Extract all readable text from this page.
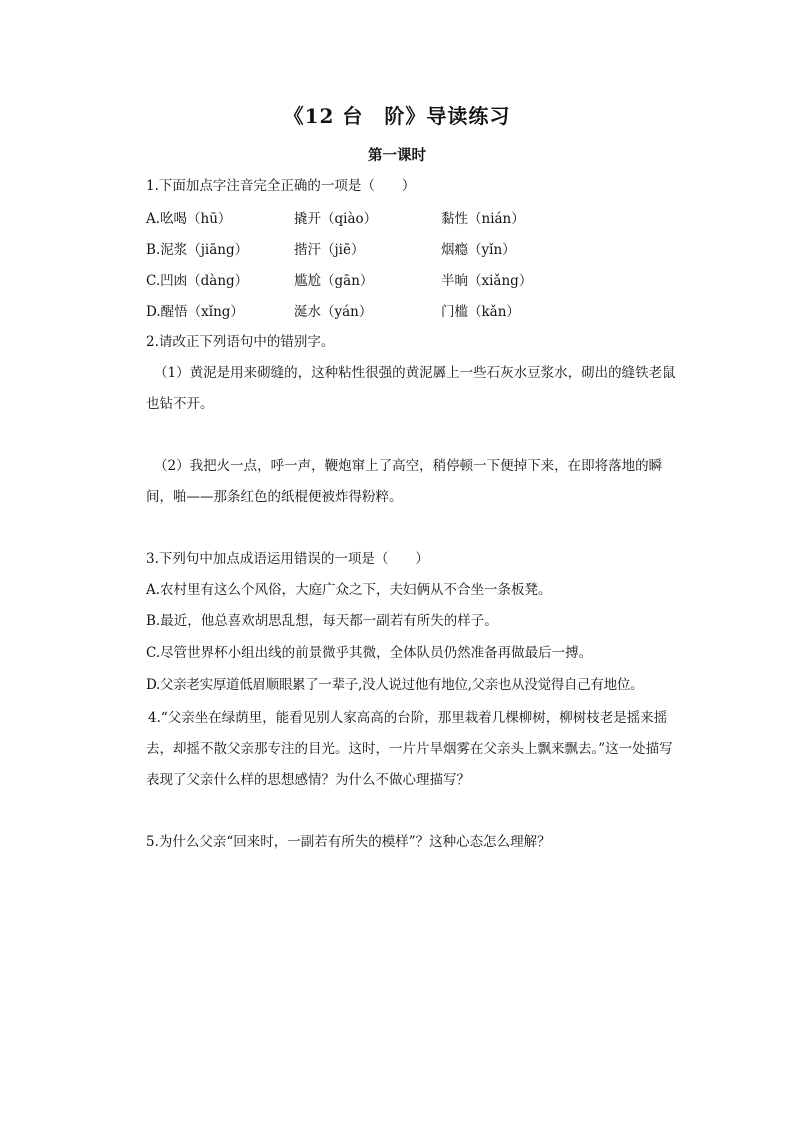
《12 台　阶》导读练习
第一课时
1.下面加点字注音完全正确的一项是（　　）
A.吆喝（hū）	撬开（qiào）	黏性（nián）
B.泥浆（jiāng）	揩汗（jiē）	烟瘾（yǐn）
C.凹凼（dàng）	尴尬（gān）	半晌（xiǎng）
D.醒悟（xǐng）	涎水（yán）	门槛（kǎn）
2.请改正下列语句中的错别字。
（1）黄泥是用来砌缝的，这种粘性很强的黄泥羼上一些石灰水豆浆水，砌出的缝铁老鼠也钻不开。
（2）我把火一点，呼一声，鞭炮窜上了高空，稍停顿一下便掉下来，在即将落地的瞬间，啪——那条红色的纸棍便被炸得粉粹。
3.下列句中加点成语运用错误的一项是（　　）
A.农村里有这么个风俗，大庭广众之下，夫妇俩从不合坐一条板凳。
B.最近，他总喜欢胡思乱想，每天都一副若有所失的样子。
C.尽管世界杯小组出线的前景微乎其微，全体队员仍然准备再做最后一搏。
D.父亲老实厚道低眉顺眼累了一辈子,没人说过他有地位,父亲也从没觉得自己有地位。
4.“父亲坐在绿荫里，能看见别人家高高的台阶，那里栽着几棵柳树，柳树枝老是摇来摇去，却摇不散父亲那专注的目光。这时，一片片旱烟雾在父亲头上飘来飘去。”这一处描写表现了父亲什么样的思想感情？为什么不做心理描写？
5.为什么父亲“回来时，一副若有所失的模样”？这种心态怎么理解？
